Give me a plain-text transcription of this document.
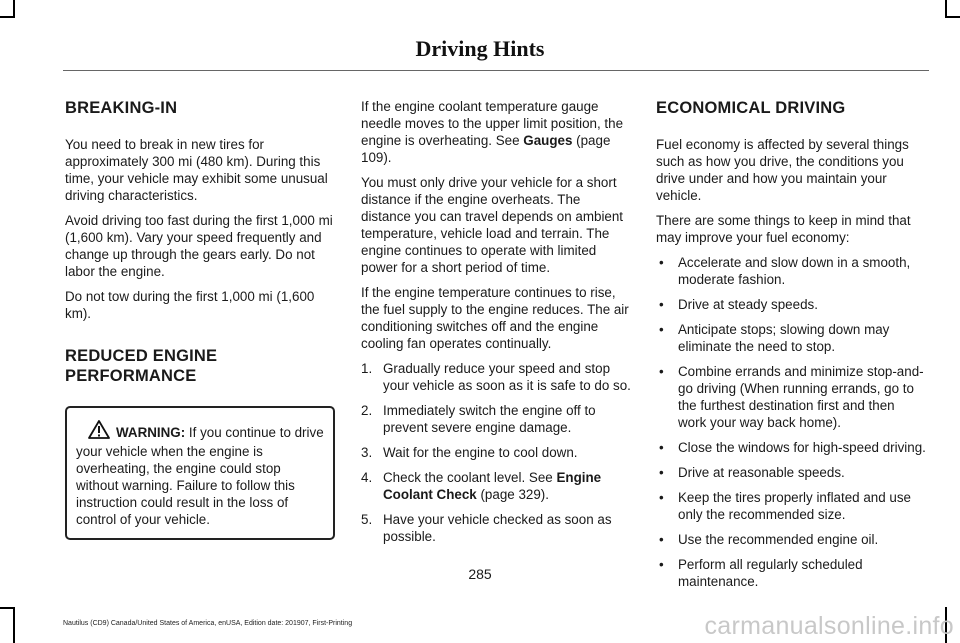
Driving Hints
BREAKING-IN

You need to break in new tires for approximately 300 mi (480 km). During this time, your vehicle may exhibit some unusual driving characteristics.

Avoid driving too fast during the first 1,000 mi (1,600 km). Vary your speed frequently and change up through the gears early. Do not labor the engine.

Do not tow during the first 1,000 mi (1,600 km).

REDUCED ENGINE PERFORMANCE
WARNING: If you continue to drive your vehicle when the engine is overheating, the engine could stop without warning. Failure to follow this instruction could result in the loss of control of your vehicle.

If the engine coolant temperature gauge needle moves to the upper limit position, the engine is overheating. See Gauges (page 109).

You must only drive your vehicle for a short distance if the engine overheats. The distance you can travel depends on ambient temperature, vehicle load and terrain. The engine continues to operate with limited power for a short period of time.

If the engine temperature continues to rise, the fuel supply to the engine reduces. The air conditioning switches off and the engine cooling fan operates continually.

1. Gradually reduce your speed and stop your vehicle as soon as it is safe to do so.
2. Immediately switch the engine off to prevent severe engine damage.
3. Wait for the engine to cool down.
4. Check the coolant level. See Engine Coolant Check (page 329).
5. Have your vehicle checked as soon as possible.
ECONOMICAL DRIVING

Fuel economy is affected by several things such as how you drive, the conditions you drive under and how you maintain your vehicle.

There are some things to keep in mind that may improve your fuel economy:

• Accelerate and slow down in a smooth, moderate fashion.
• Drive at steady speeds.
• Anticipate stops; slowing down may eliminate the need to stop.
• Combine errands and minimize stop-and-go driving (When running errands, go to the furthest destination first and then work your way back home).
• Close the windows for high-speed driving.
• Drive at reasonable speeds.
• Keep the tires properly inflated and use only the recommended size.
• Use the recommended engine oil.
• Perform all regularly scheduled maintenance.
285
Nautilus (CD9) Canada/United States of America, enUSA, Edition date: 201907, First-Printing	carmanualsonline.info
